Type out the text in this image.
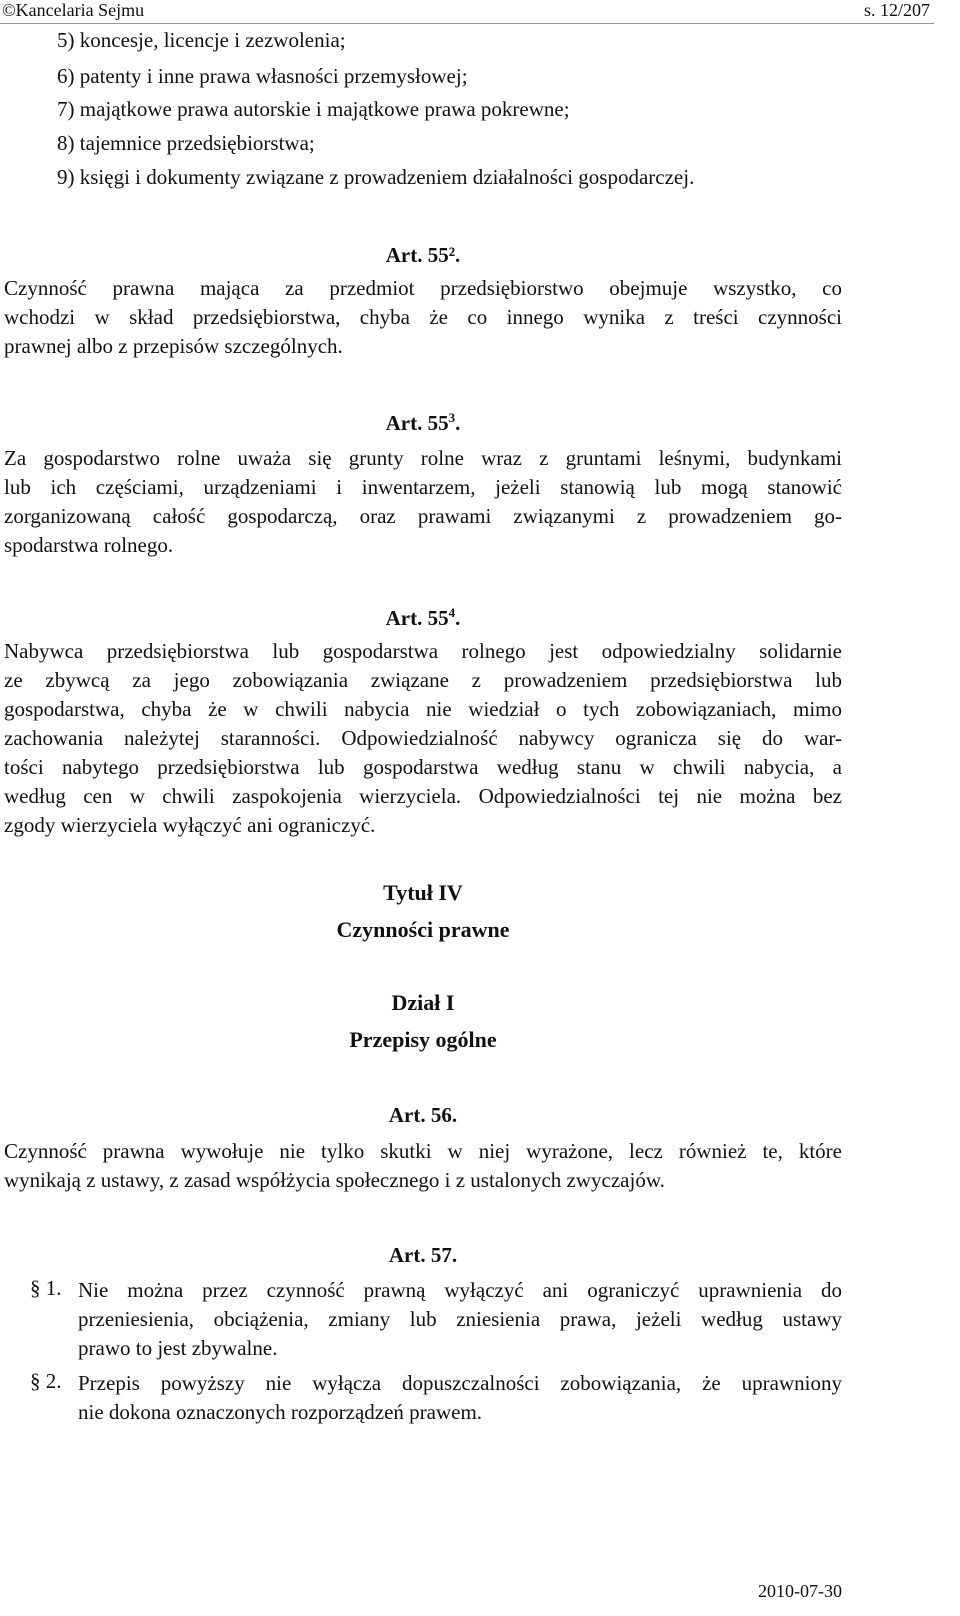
©Kancelaria Sejmu	s. 12/207

5) koncesje, licencje i zezwolenia;

6) patenty i inne prawa własności przemysłowej;

7) majątkowe prawa autorskie i majątkowe prawa pokrewne;

8) tajemnice przedsiębiorstwa;

9) księgi i dokumenty związane z prowadzeniem działalności gospodarczej.

Art. 55².

Czynność prawna mająca za przedmiot przedsiębiorstwo obejmuje wszystko, co
wchodzi w skład przedsiębiorstwa, chyba że co innego wynika z treści czynności
prawnej albo z przepisów szczególnych.

Art. $55^3$.

Za gospodarstwo rolne uważa się grunty rolne wraz z gruntami leśnymi, budynkami
lub ich częściami, urządzeniami i inwentarzem, jeżeli stanowią lub mogą stanowić
zorganizowaną całość gospodarczą, oraz prawami związanymi z prowadzeniem go-
spodarstwa rolnego.

Art. $55^4$.

Nabywca przedsiębiorstwa lub gospodarstwa rolnego jest odpowiedzialny solidarnie
ze zbywcą za jego zobowiązania związane z prowadzeniem przedsiębiorstwa lub
gospodarstwa, chyba że w chwili nabycia nie wiedział o tych zobowiązaniach, mimo
zachowania należytej staranności. Odpowiedzialność nabywcy ogranicza się do war-
tości nabytego przedsiębiorstwa lub gospodarstwa według stanu w chwili nabycia, a
według cen w chwili zaspokojenia wierzyciela. Odpowiedzialności tej nie można bez
zgody wierzyciela wyłączyć ani ograniczyć.

Tytuł IV

Czynności prawne

Dział I

Przepisy ogólne

Art. 56.

Czynność prawna wywołuje nie tylko skutki w niej wyrażone, lecz również te, które
wynikają z ustawy, z zasad współżycia społecznego i z ustalonych zwyczajów.

Art. 57.

§ 1. Nie można przez czynność prawną wyłączyć ani ograniczyć uprawnienia do
przeniesienia, obciążenia, zmiany lub zniesienia prawa, jeżeli według ustawy
prawo to jest zbywalne.

§ 2. Przepis powyższy nie wyłącza dopuszczalności zobowiązania, że uprawniony
nie dokona oznaczonych rozporządzeń prawem.

2010-07-30
